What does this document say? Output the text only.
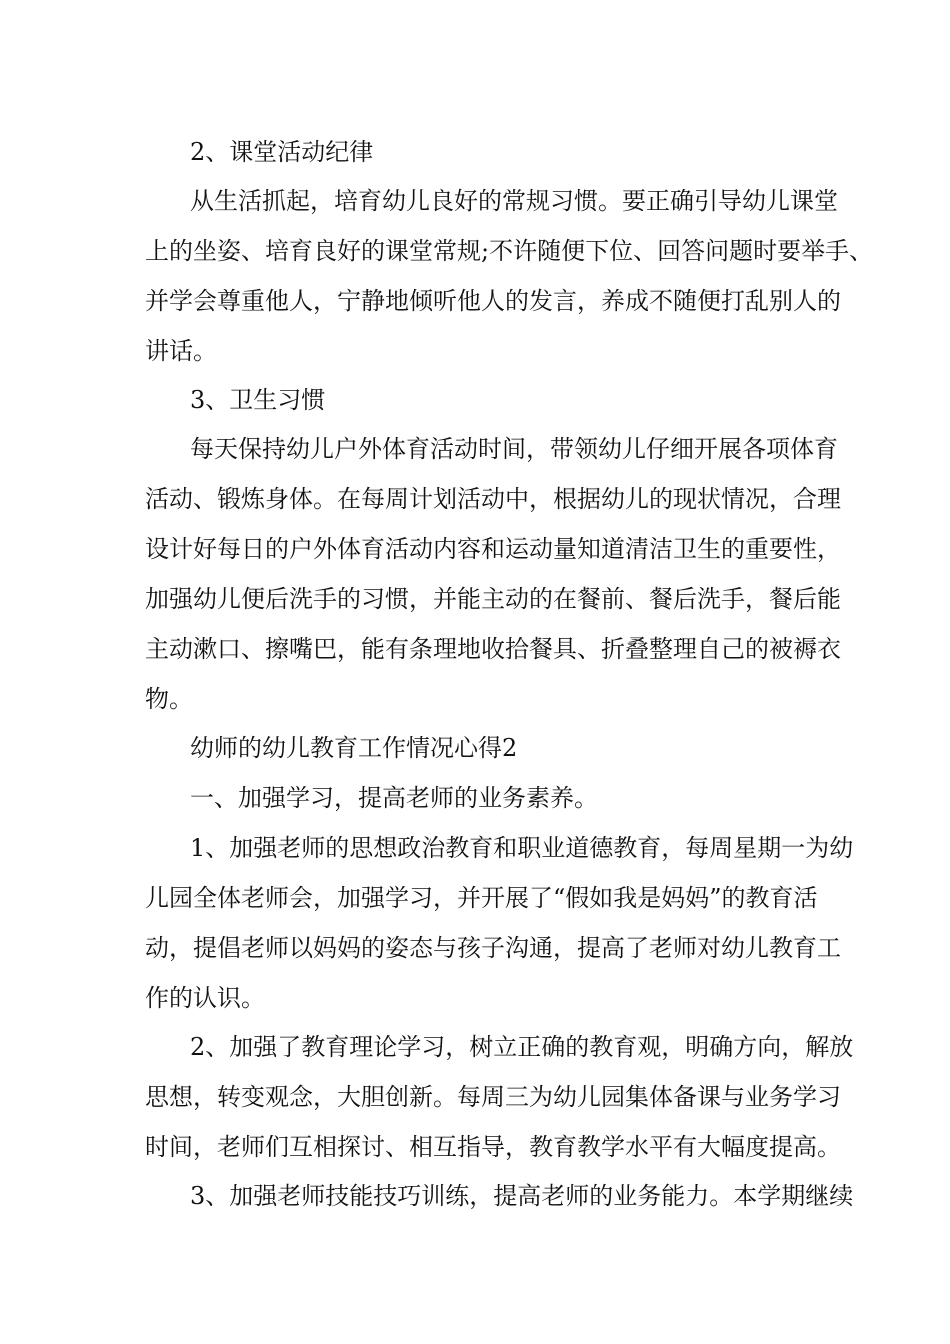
2、课堂活动纪律

从生活抓起，培育幼儿良好的常规习惯。要正确引导幼儿课堂

上的坐姿、培育良好的课堂常规;不许随便下位、回答问题时要举手、

并学会尊重他人，宁静地倾听他人的发言，养成不随便打乱别人的

讲话。

3、卫生习惯

每天保持幼儿户外体育活动时间，带领幼儿仔细开展各项体育

活动、锻炼身体。在每周计划活动中，根据幼儿的现状情况，合理

设计好每日的户外体育活动内容和运动量知道清洁卫生的重要性，

加强幼儿便后洗手的习惯，并能主动的在餐前、餐后洗手，餐后能

主动漱口、擦嘴巴，能有条理地收拾餐具、折叠整理自己的被褥衣

物。

幼师的幼儿教育工作情况心得2

一、加强学习，提高老师的业务素养。

1、加强老师的思想政治教育和职业道德教育，每周星期一为幼

儿园全体老师会，加强学习，并开展了“假如我是妈妈”的教育活

动，提倡老师以妈妈的姿态与孩子沟通，提高了老师对幼儿教育工

作的认识。

2、加强了教育理论学习，树立正确的教育观，明确方向，解放

思想，转变观念，大胆创新。每周三为幼儿园集体备课与业务学习

时间，老师们互相探讨、相互指导，教育教学水平有大幅度提高。

3、加强老师技能技巧训练，提高老师的业务能力。本学期继续
